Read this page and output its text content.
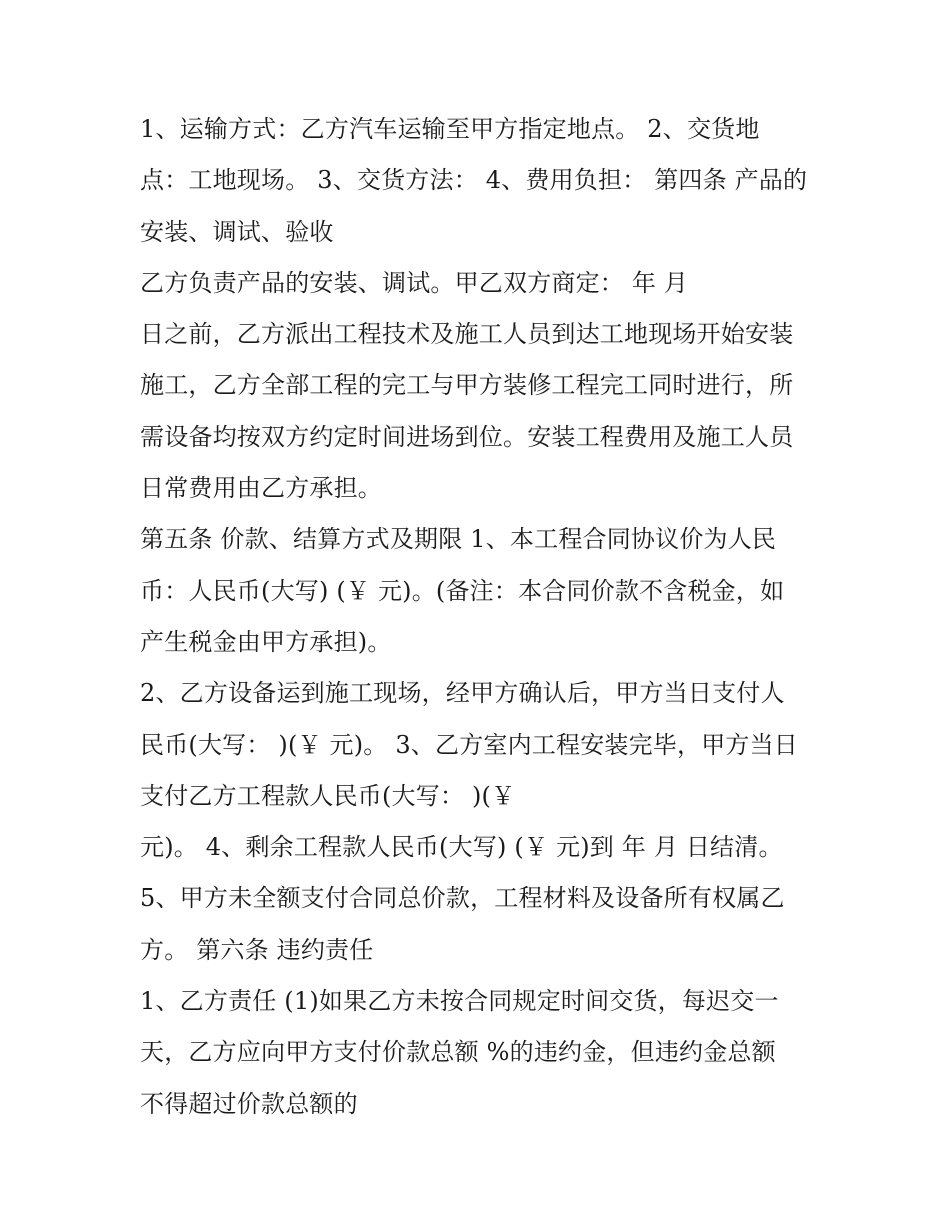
1、运输方式：乙方汽车运输至甲方指定地点。 2、交货地
点：工地现场。 3、交货方法： 4、费用负担： 第四条 产品的
安装、调试、验收
乙方负责产品的安装、调试。甲乙双方商定： 年 月
日之前，乙方派出工程技术及施工人员到达工地现场开始安装
施工，乙方全部工程的完工与甲方装修工程完工同时进行，所
需设备均按双方约定时间进场到位。安装工程费用及施工人员
日常费用由乙方承担。
第五条 价款、结算方式及期限 1、本工程合同协议价为人民
币：人民币(大写) (￥ 元)。(备注：本合同价款不含税金，如
产生税金由甲方承担)。
2、乙方设备运到施工现场，经甲方确认后，甲方当日支付人
民币(大写： )(￥ 元)。 3、乙方室内工程安装完毕，甲方当日
支付乙方工程款人民币(大写： )(￥
元)。 4、剩余工程款人民币(大写) (￥ 元)到 年 月 日结清。
5、甲方未全额支付合同总价款，工程材料及设备所有权属乙
方。 第六条 违约责任
1、乙方责任 (1)如果乙方未按合同规定时间交货，每迟交一
天，乙方应向甲方支付价款总额 %的违约金，但违约金总额
不得超过价款总额的
